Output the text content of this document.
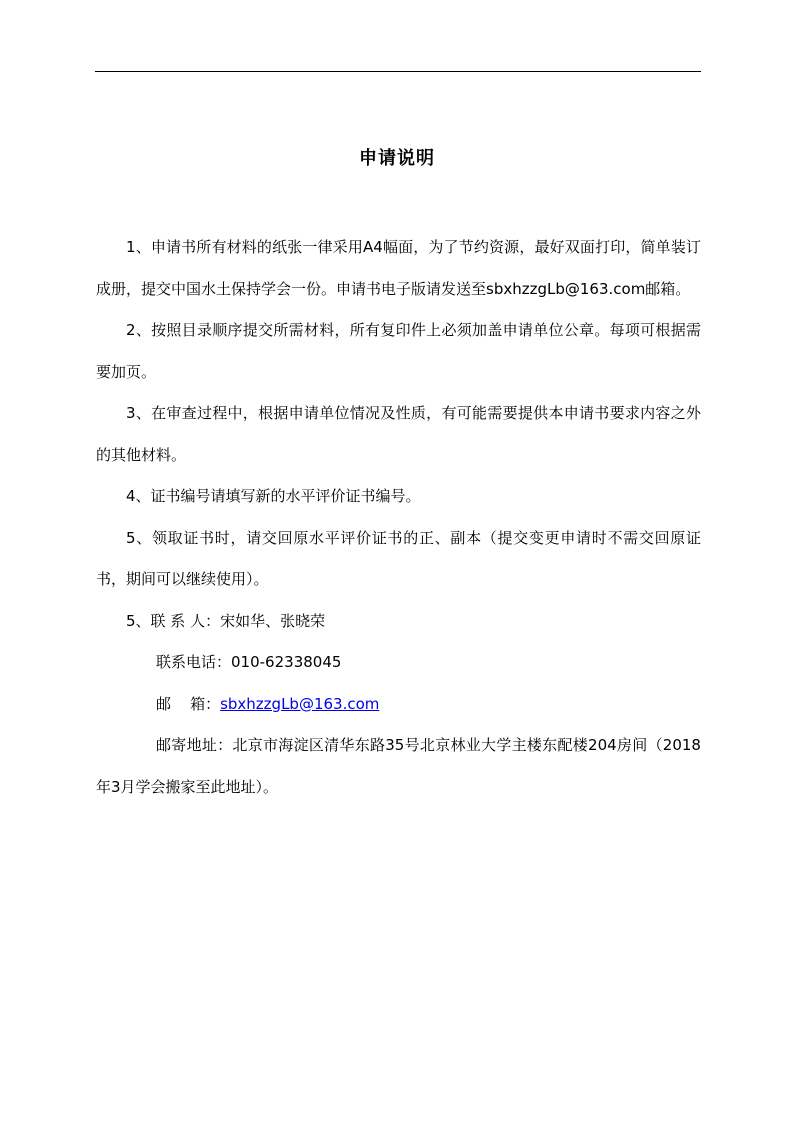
申请说明

1、申请书所有材料的纸张一律采用A4幅面，为了节约资源，最好双面打印，简单装订成册，提交中国水土保持学会一份。申请书电子版请发送至sbxhzzgLb@163.com邮箱。

2、按照目录顺序提交所需材料，所有复印件上必须加盖申请单位公章。每项可根据需要加页。

3、在审查过程中，根据申请单位情况及性质，有可能需要提供本申请书要求内容之外的其他材料。

4、证书编号请填写新的水平评价证书编号。

5、领取证书时，请交回原水平评价证书的正、副本（提交变更申请时不需交回原证书，期间可以继续使用）。

5、联 系 人：宋如华、张晓荣

联系电话：010-62338045

邮    箱：sbxhzzgLb@163.com

邮寄地址：北京市海淀区清华东路35号北京林业大学主楼东配楼204房间（2018年3月学会搬家至此地址）。
